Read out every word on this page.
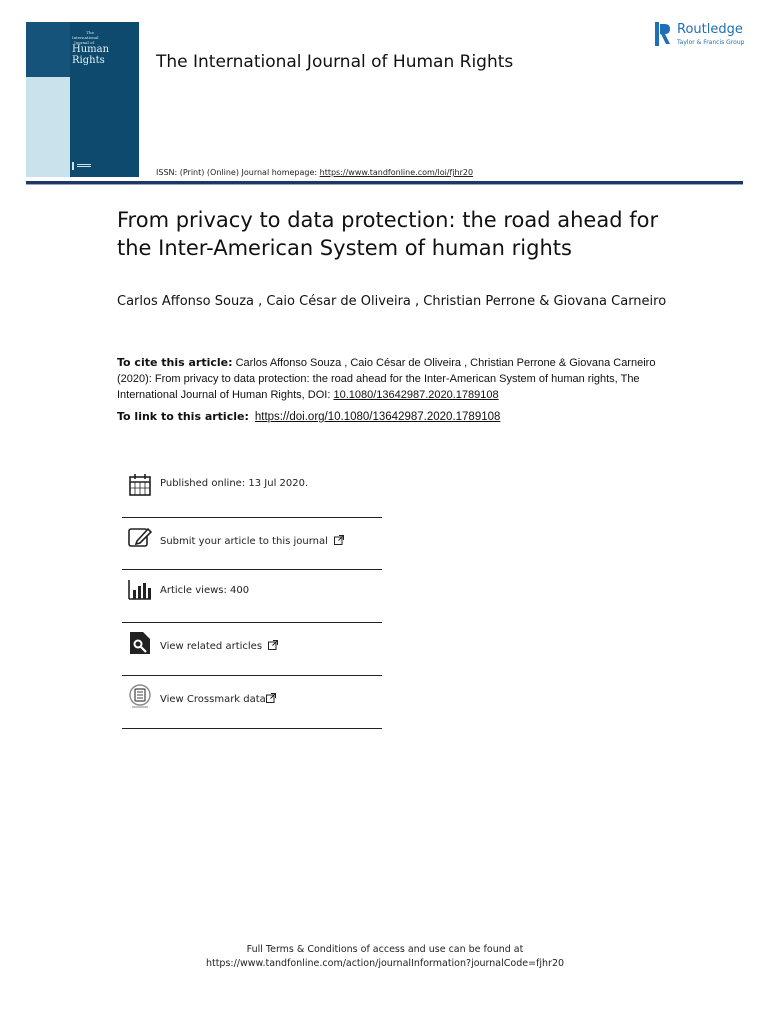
The International Journal of
Human
Rights	The International Journal of Human Rights
ISSN: (Print) (Online) Journal homepage: https://www.tandfonline.com/loi/fjhr20
Routledge
Taylor & Francis Group
From privacy to data protection: the road ahead for the Inter-American System of human rights
Carlos Affonso Souza , Caio César de Oliveira , Christian Perrone & Giovana Carneiro
To cite this article: Carlos Affonso Souza , Caio César de Oliveira , Christian Perrone & Giovana Carneiro (2020): From privacy to data protection: the road ahead for the Inter-American System of human rights, The International Journal of Human Rights, DOI: 10.1080/13642987.2020.1789108
To link to this article: https://doi.org/10.1080/13642987.2020.1789108
Published online: 13 Jul 2020.
Submit your article to this journal
Article views: 400
View related articles
View Crossmark data
Full Terms & Conditions of access and use can be found at
https://www.tandfonline.com/action/journalInformation?journalCode=fjhr20
